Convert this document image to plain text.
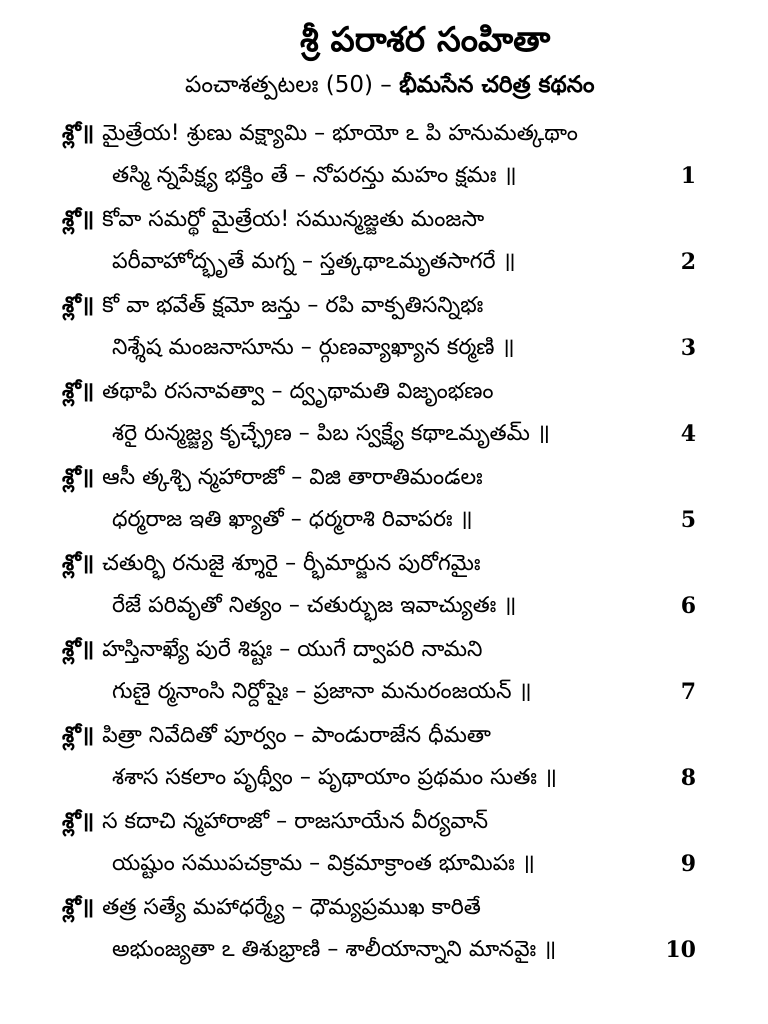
శ్రీ పరాశర సంహితా
పంచాశత్పటలః (50) – భీమసేన చరిత్ర కథనం
శ్లో॥ మైత్రేయ! శ్రుణు వక్ష్యామి – భూయో ఽ పి హనుమత్కథాం
తస్మి న్నపేక్ష్య భక్తిం తే – నోపరన్తు మహం క్షమః ॥	1
శ్లో॥ కోవా సమర్థో మైత్రేయ! సమున్మజ్జతు మంజసా
పరీవాహోద్భృతే మగ్న – స్తత్కథాఽమృతసాగరే ॥	2
శ్లో॥ కో వా భవేత్ క్షమో జన్తు – రపి వాక్పతిసన్నిభః
నిశ్శేష మంజనాసూను – ర్గుణవ్యాఖ్యాన కర్మణి ॥	3
శ్లో॥ తథాపి రసనావత్వా – ద్వృథామతి విజృంభణం
శరై రున్మజ్జ్య కృచ్ఛ్రేణ – పిబ స్వక్ష్యే కథాఽమృతమ్ ॥	4
శ్లో॥ ఆసీ త్కశ్చి న్మహారాజో – విజి తారాతిమండలః
ధర్మరాజ ఇతి ఖ్యాతో – ధర్మరాశి రివాపరః ॥	5
శ్లో॥ చతుర్భి రనుజై శ్శూరై – ర్భీమార్జున పురోగమైః
రేజే పరివృతో నిత్యం – చతుర్భుజ ఇవాచ్యుతః ॥	6
శ్లో॥ హస్తినాఖ్యే పురే శిష్టః – యుగే ద్వాపరి నామని
గుణై ర్మనాంసి నిర్దోషైః – ప్రజానా మనురంజయన్ ॥	7
శ్లో॥ పిత్రా నివేదితో పూర్వం – పాండురాజేన ధీమతా
శశాస సకలాం పృథ్వీం – పృథాయాం ప్రథమం సుతః ॥	8
శ్లో॥ స కదాచి న్మహారాజో – రాజసూయేన వీర్యవాన్
యష్టుం సముపచక్రామ – విక్రమాక్రాంత భూమిపః ॥	9
శ్లో॥ తత్ర సత్యే మహాధర్మ్యే – ధౌమ్యప్రముఖ కారితే
అభుంజ్యతా ఽ తిశుభ్రాణి – శాలీయాన్నాని మానవైః ॥	10
